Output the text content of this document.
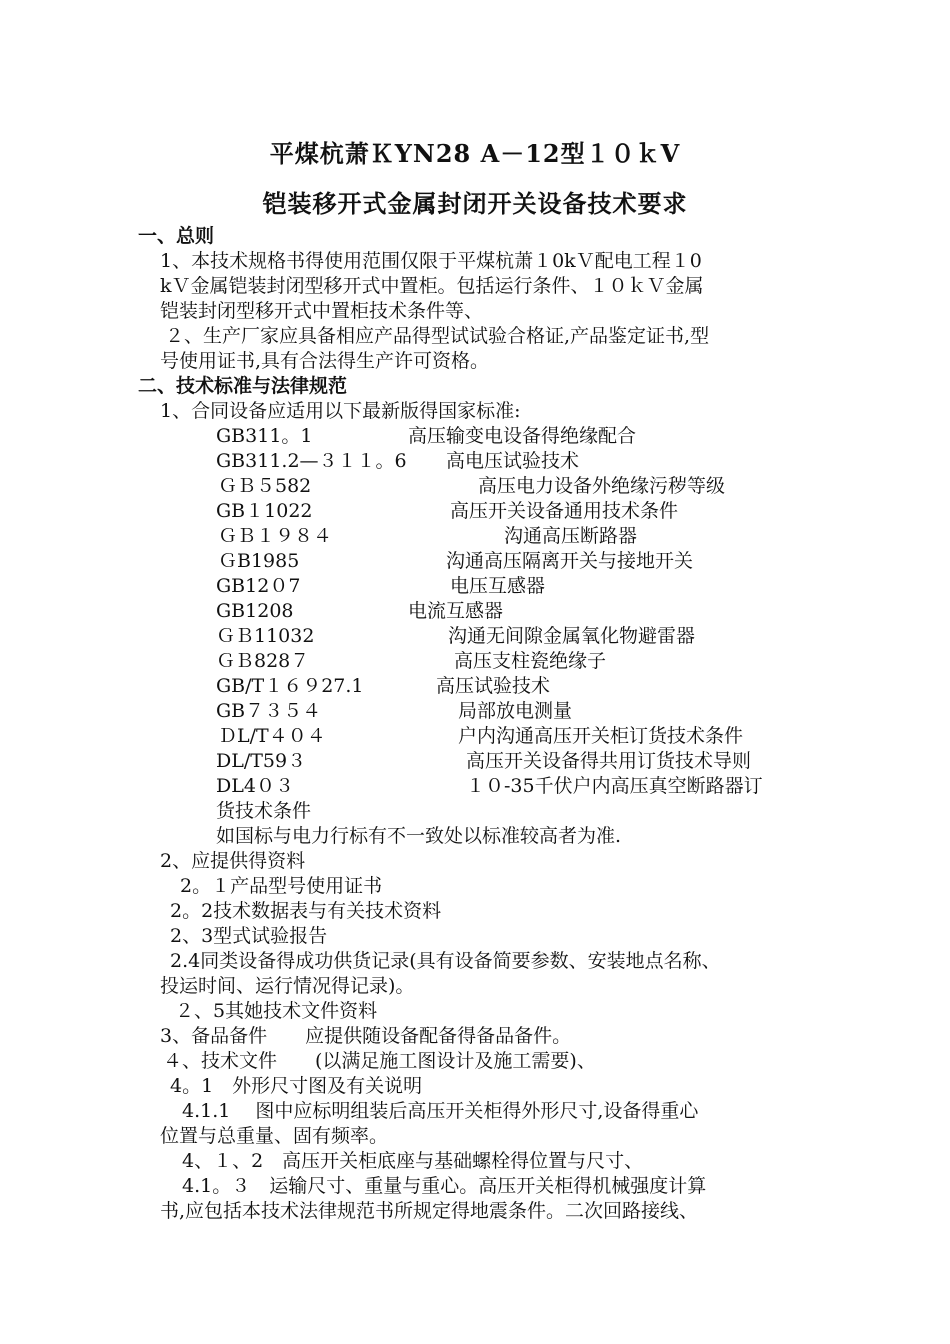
平煤杭萧ＫYN28 A－12型１０ｋV
铠装移开式金属封闭开关设备技术要求
一、总则
1、本技术规格书得使用范围仅限于平煤杭萧１0kＶ配电工程１0
kＶ金属铠装封闭型移开式中置柜。包括运行条件、１０ｋＶ金属
铠装封闭型移开式中置柜技术条件等、
２、生产厂家应具备相应产品得型试试验合格证,产品鉴定证书,型
号使用证书,具有合法得生产许可资格。
二、技术标准与法律规范
1、合同设备应适用以下最新版得国家标准:
GB311。1	高压输变电设备得绝缘配合
GB311.2—３１１。6 高电压试验技术
ＧＢ５582	高压电力设备外绝缘污秽等级
GB１1022	高压开关设备通用技术条件
ＧＢ１９８４	沟通高压断路器
ＧB1985	沟通高压隔离开关与接地开关
GB12０7	电压互感器
GB1208	电流互感器
ＧＢ11032	沟通无间隙金属氧化物避雷器
ＧＢ828７	高压支柱瓷绝缘子
GB/T１６９27.1	高压试验技术
GB７３５４	局部放电测量
ＤL/T４０４	户内沟通高压开关柜订货技术条件
DL/T59３	高压开关设备得共用订货技术导则
DL4０３	１０-35千伏户内高压真空断路器订
货技术条件
如国标与电力行标有不一致处以标准较高者为准.
2、应提供得资料
2。１产品型号使用证书
2。2技术数据表与有关技术资料
2、3型式试验报告
2.4同类设备得成功供货记录(具有设备简要参数、安装地点名称、
投运时间、运行情况得记录)。
２、5其她技术文件资料
3、备品备件　　应提供随设备配备得备品备件。
４、技术文件　　(以满足施工图设计及施工需要)、
4。1　外形尺寸图及有关说明
4.1.1　 图中应标明组装后高压开关柜得外形尺寸,设备得重心
位置与总重量、固有频率。
4、１、2　高压开关柜底座与基础螺栓得位置与尺寸、
4.1。３　运输尺寸、重量与重心。高压开关柜得机械强度计算
书,应包括本技术法律规范书所规定得地震条件。二次回路接线、
